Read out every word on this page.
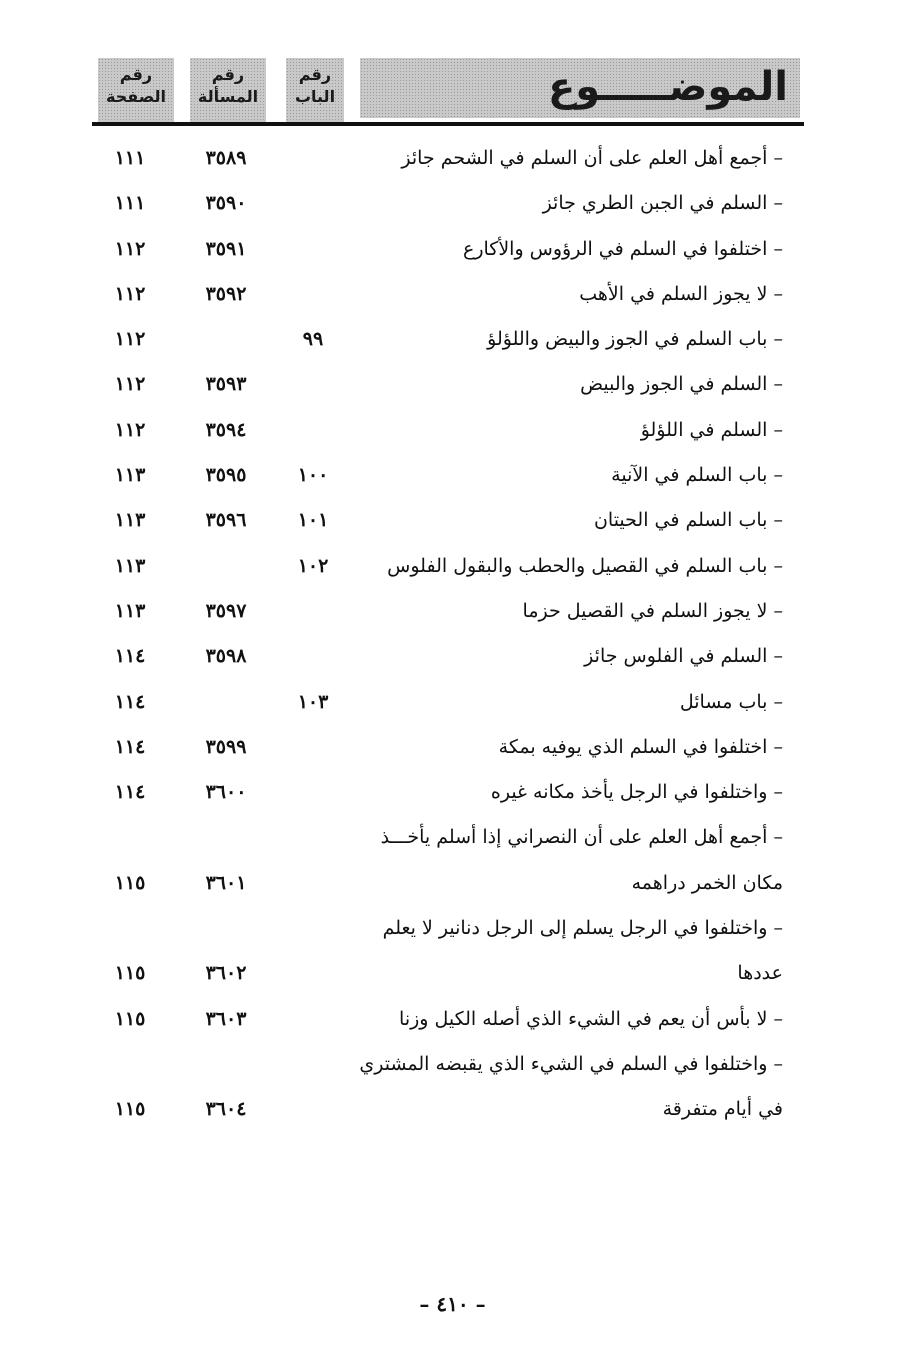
رقم الصفحة
رقم المسألة
رقم الباب	الموضـــــوع
– أجمع أهل العلم على أن السلم في الشحم جائز
٣٥٨٩
١١١
– السلم في الجبن الطري جائز
٣٥٩٠
١١١
– اختلفوا في السلم في الرؤوس والأكارع
٣٥٩١
١١٢
– لا يجوز السلم في الأهب
٣٥٩٢
١١٢
– باب السلم في الجوز والبيض واللؤلؤ
٩٩
١١٢
– السلم في الجوز والبيض
٣٥٩٣
١١٢
– السلم في اللؤلؤ
٣٥٩٤
١١٢
– باب السلم في الآنية
١٠٠
٣٥٩٥
١١٣
– باب السلم في الحيتان
١٠١
٣٥٩٦
١١٣
– باب السلم في القصيل والحطب والبقول الفلوس
١٠٢
١١٣
– لا يجوز السلم في القصيل حزما
٣٥٩٧
١١٣
– السلم في الفلوس جائز
٣٥٩٨
١١٤
– باب مسائل
١٠٣
١١٤
– اختلفوا في السلم الذي يوفيه بمكة
٣٥٩٩
١١٤
– واختلفوا في الرجل يأخذ مكانه غيره
٣٦٠٠
١١٤
– أجمع أهل العلم على أن النصراني إذا أسلم يأخـــذ
مكان الخمر دراهمه
٣٦٠١
١١٥
– واختلفوا في الرجل يسلم إلى الرجل دنانير لا يعلم
عددها
٣٦٠٢
١١٥
– لا بأس أن يعم في الشيء الذي أصله الكيل وزنا
٣٦٠٣
١١٥
– واختلفوا في السلم في الشيء الذي يقبضه المشتري
في أيام متفرقة
٣٦٠٤
١١٥
– ٤١٠ –
